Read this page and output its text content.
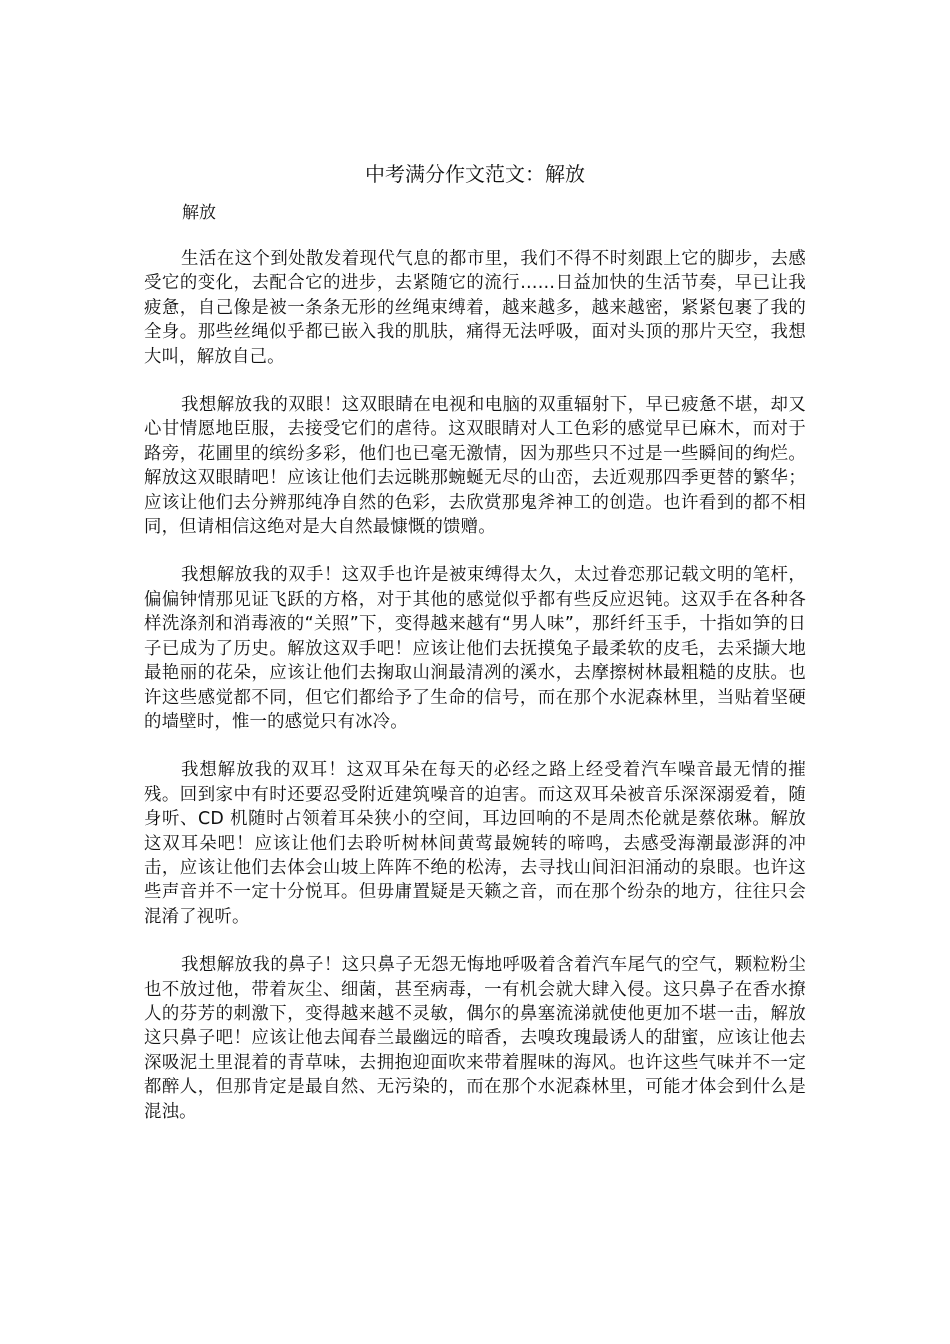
中考满分作文范文：解放

解放

生活在这个到处散发着现代气息的都市里，我们不得不时刻跟上它的脚步，去感受它的变化，去配合它的进步，去紧随它的流行……日益加快的生活节奏，早已让我疲惫，自己像是被一条条无形的丝绳束缚着，越来越多，越来越密，紧紧包裹了我的全身。那些丝绳似乎都已嵌入我的肌肤，痛得无法呼吸，面对头顶的那片天空，我想大叫，解放自己。

我想解放我的双眼！这双眼睛在电视和电脑的双重辐射下，早已疲惫不堪，却又心甘情愿地臣服，去接受它们的虐待。这双眼睛对人工色彩的感觉早已麻木，而对于路旁，花圃里的缤纷多彩，他们也已毫无激情，因为那些只不过是一些瞬间的绚烂。解放这双眼睛吧！应该让他们去远眺那蜿蜒无尽的山峦，去近观那四季更替的繁华；应该让他们去分辨那纯净自然的色彩，去欣赏那鬼斧神工的创造。也许看到的都不相同，但请相信这绝对是大自然最慷慨的馈赠。

我想解放我的双手！这双手也许是被束缚得太久，太过眷恋那记载文明的笔杆，偏偏钟情那见证飞跃的方格，对于其他的感觉似乎都有些反应迟钝。这双手在各种各样洗涤剂和消毒液的“关照”下，变得越来越有“男人味”，那纤纤玉手，十指如笋的日子已成为了历史。解放这双手吧！应该让他们去抚摸兔子最柔软的皮毛，去采撷大地最艳丽的花朵，应该让他们去掬取山涧最清冽的溪水，去摩擦树林最粗糙的皮肤。也许这些感觉都不同，但它们都给予了生命的信号，而在那个水泥森林里，当贴着坚硬的墙壁时，惟一的感觉只有冰冷。

我想解放我的双耳！这双耳朵在每天的必经之路上经受着汽车噪音最无情的摧残。回到家中有时还要忍受附近建筑噪音的迫害。而这双耳朵被音乐深深溺爱着，随身听、CD 机随时占领着耳朵狭小的空间，耳边回响的不是周杰伦就是蔡依琳。解放这双耳朵吧！应该让他们去聆听树林间黄莺最婉转的啼鸣，去感受海潮最澎湃的冲击，应该让他们去体会山坡上阵阵不绝的松涛，去寻找山间汩汩涌动的泉眼。也许这些声音并不一定十分悦耳。但毋庸置疑是天籁之音，而在那个纷杂的地方，往往只会混淆了视听。

我想解放我的鼻子！这只鼻子无怨无悔地呼吸着含着汽车尾气的空气，颗粒粉尘也不放过他，带着灰尘、细菌，甚至病毒，一有机会就大肆入侵。这只鼻子在香水撩人的芬芳的刺激下，变得越来越不灵敏，偶尔的鼻塞流涕就使他更加不堪一击，解放这只鼻子吧！应该让他去闻春兰最幽远的暗香，去嗅玫瑰最诱人的甜蜜，应该让他去深吸泥土里混着的青草味，去拥抱迎面吹来带着腥味的海风。也许这些气味并不一定都醉人，但那肯定是最自然、无污染的，而在那个水泥森林里，可能才体会到什么是混浊。
